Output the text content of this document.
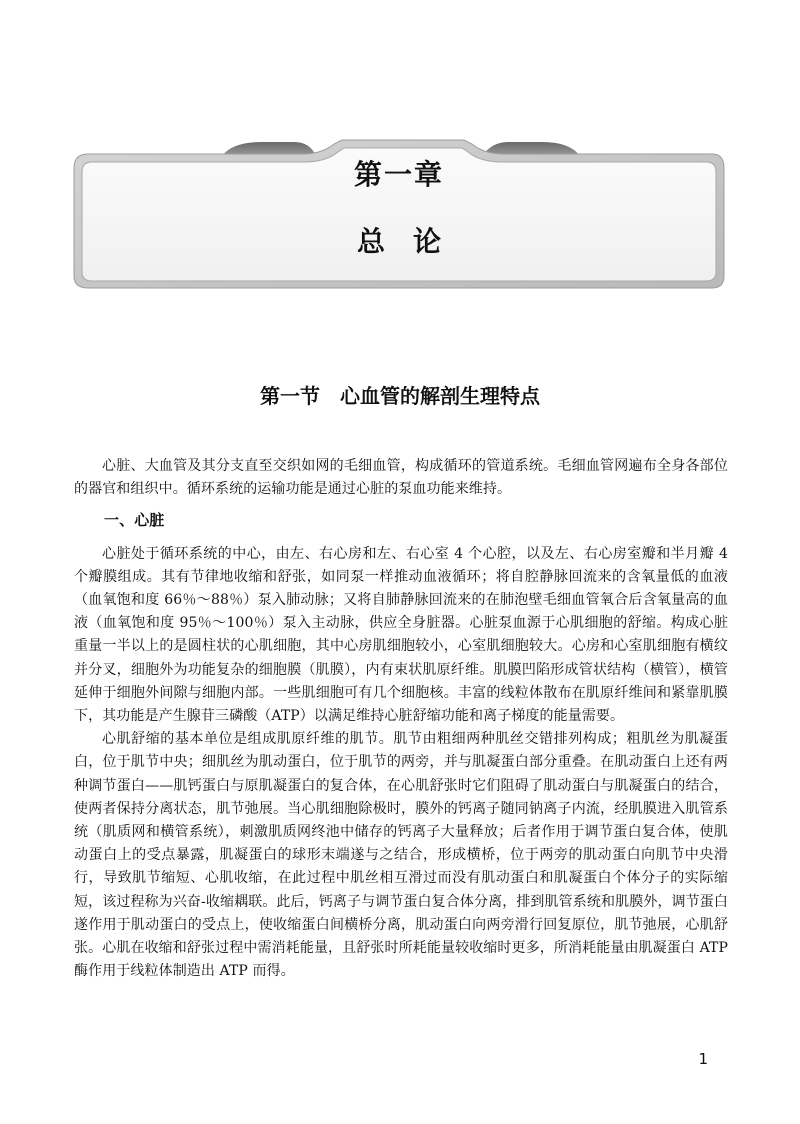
第一章
总　论
第一节　心血管的解剖生理特点

心脏、大血管及其分支直至交织如网的毛细血管，构成循环的管道系统。毛细血管网遍布全身各部位的器官和组织中。循环系统的运输功能是通过心脏的泵血功能来维持。

一、心脏

心脏处于循环系统的中心，由左、右心房和左、右心室 4 个心腔，以及左、右心房室瓣和半月瓣 4 个瓣膜组成。其有节律地收缩和舒张，如同泵一样推动血液循环；将自腔静脉回流来的含氧量低的血液（血氧饱和度 66％～88％）泵入肺动脉；又将自肺静脉回流来的在肺泡壁毛细血管氧合后含氧量高的血液（血氧饱和度 95％～100％）泵入主动脉，供应全身脏器。心脏泵血源于心肌细胞的舒缩。构成心脏重量一半以上的是圆柱状的心肌细胞，其中心房肌细胞较小，心室肌细胞较大。心房和心室肌细胞有横纹并分叉，细胞外为功能复杂的细胞膜（肌膜），内有束状肌原纤维。肌膜凹陷形成管状结构（横管），横管延伸于细胞外间隙与细胞内部。一些肌细胞可有几个细胞核。丰富的线粒体散布在肌原纤维间和紧靠肌膜下，其功能是产生腺苷三磷酸（ATP）以满足维持心脏舒缩功能和离子梯度的能量需要。

心肌舒缩的基本单位是组成肌原纤维的肌节。肌节由粗细两种肌丝交错排列构成；粗肌丝为肌凝蛋白，位于肌节中央；细肌丝为肌动蛋白，位于肌节的两旁，并与肌凝蛋白部分重叠。在肌动蛋白上还有两种调节蛋白——肌钙蛋白与原肌凝蛋白的复合体，在心肌舒张时它们阻碍了肌动蛋白与肌凝蛋白的结合，使两者保持分离状态，肌节弛展。当心肌细胞除极时，膜外的钙离子随同钠离子内流，经肌膜进入肌管系统（肌质网和横管系统），刺激肌质网终池中储存的钙离子大量释放；后者作用于调节蛋白复合体，使肌动蛋白上的受点暴露，肌凝蛋白的球形末端遂与之结合，形成横桥，位于两旁的肌动蛋白向肌节中央滑行，导致肌节缩短、心肌收缩，在此过程中肌丝相互滑过而没有肌动蛋白和肌凝蛋白个体分子的实际缩短，该过程称为兴奋-收缩耦联。此后，钙离子与调节蛋白复合体分离，排到肌管系统和肌膜外，调节蛋白遂作用于肌动蛋白的受点上，使收缩蛋白间横桥分离，肌动蛋白向两旁滑行回复原位，肌节弛展，心肌舒张。心肌在收缩和舒张过程中需消耗能量，且舒张时所耗能量较收缩时更多，所消耗能量由肌凝蛋白 ATP 酶作用于线粒体制造出 ATP 而得。

1
